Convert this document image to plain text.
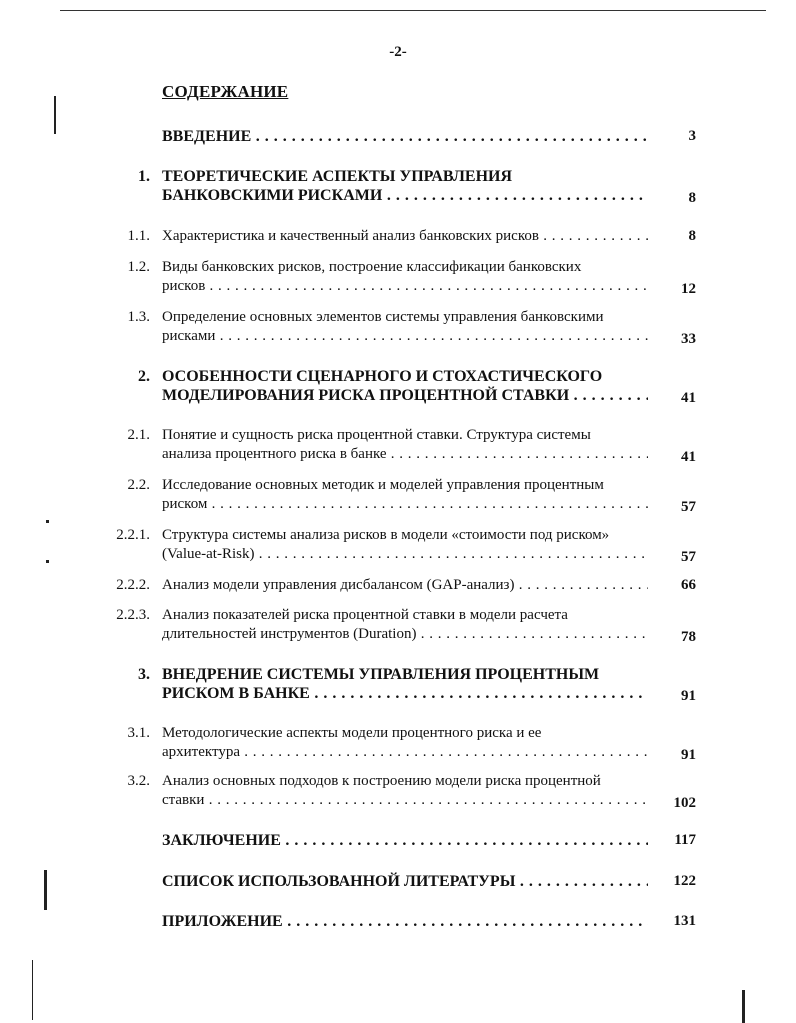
-2-
СОДЕРЖАНИЕ
ВВЕДЕНИЕ . . .	3
1. ТЕОРЕТИЧЕСКИЕ АСПЕКТЫ УПРАВЛЕНИЯ
БАНКОВСКИМИ РИСКАМИ . . .	8
1.1. Характеристика и качественный анализ банковских рисков . . .	8
1.2. Виды банковских рисков, построение классификации банковских
рисков . . .	12
1.3. Определение основных элементов системы управления банковскими
рисками . . .	33
2. ОСОБЕННОСТИ СЦЕНАРНОГО И СТОХАСТИЧЕСКОГО
МОДЕЛИРОВАНИЯ РИСКА ПРОЦЕНТНОЙ СТАВКИ . . .	41
2.1. Понятие и сущность риска процентной ставки. Структура системы
анализа процентного риска в банке . . .	41
2.2. Исследование основных методик и моделей управления процентным
риском . . .	57
2.2.1. Структура системы анализа рисков в модели «стоимости под риском»
(Value-at-Risk) . . .	57
2.2.2. Анализ модели управления дисбалансом (GAP-анализ) . . .	66
2.2.3. Анализ показателей риска процентной ставки в модели расчета
длительностей инструментов (Duration) . . .	78
3. ВНЕДРЕНИЕ СИСТЕМЫ УПРАВЛЕНИЯ ПРОЦЕНТНЫМ
РИСКОМ В БАНКЕ . . .	91
3.1. Методологические аспекты модели процентного риска и ее
архитектура . . .	91
3.2. Анализ основных подходов к построению модели риска процентной
ставки . . .	102
ЗАКЛЮЧЕНИЕ . . .	117
СПИСОК ИСПОЛЬЗОВАННОЙ ЛИТЕРАТУРЫ . . .	122
ПРИЛОЖЕНИЕ . . .	131
